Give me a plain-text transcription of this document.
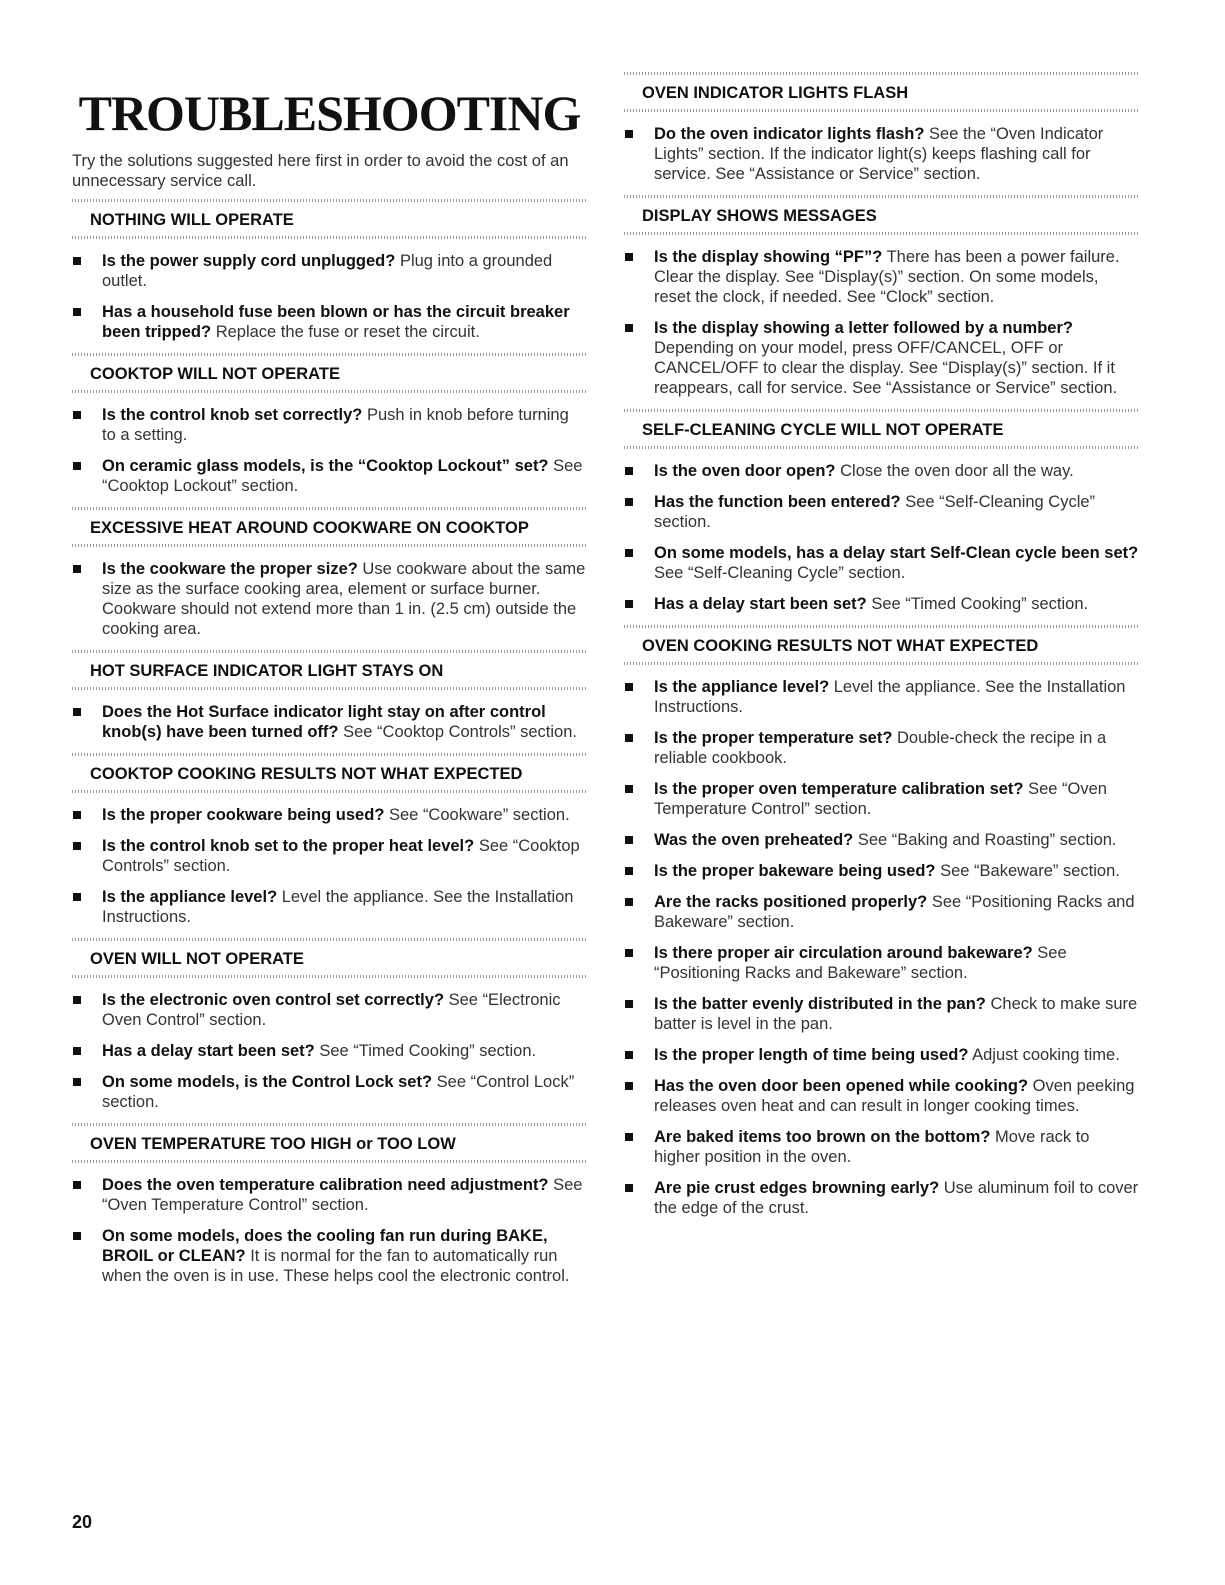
TROUBLESHOOTING

Try the solutions suggested here first in order to avoid the cost of an unnecessary service call.

NOTHING WILL OPERATE
Is the power supply cord unplugged? Plug into a grounded outlet.
Has a household fuse been blown or has the circuit breaker been tripped? Replace the fuse or reset the circuit.
COOKTOP WILL NOT OPERATE
Is the control knob set correctly? Push in knob before turning to a setting.
On ceramic glass models, is the “Cooktop Lockout” set? See “Cooktop Lockout” section.
EXCESSIVE HEAT AROUND COOKWARE ON COOKTOP
Is the cookware the proper size? Use cookware about the same size as the surface cooking area, element or surface burner. Cookware should not extend more than 1 in. (2.5 cm) outside the cooking area.
HOT SURFACE INDICATOR LIGHT STAYS ON
Does the Hot Surface indicator light stay on after control knob(s) have been turned off? See “Cooktop Controls” section.
COOKTOP COOKING RESULTS NOT WHAT EXPECTED
Is the proper cookware being used? See “Cookware” section.
Is the control knob set to the proper heat level? See “Cooktop Controls” section.
Is the appliance level? Level the appliance. See the Installation Instructions.
OVEN WILL NOT OPERATE
Is the electronic oven control set correctly? See “Electronic Oven Control” section.
Has a delay start been set? See “Timed Cooking” section.
On some models, is the Control Lock set? See “Control Lock” section.
OVEN TEMPERATURE TOO HIGH or TOO LOW
Does the oven temperature calibration need adjustment? See “Oven Temperature Control” section.
On some models, does the cooling fan run during BAKE, BROIL or CLEAN? It is normal for the fan to automatically run when the oven is in use. These helps cool the electronic control.
OVEN INDICATOR LIGHTS FLASH
Do the oven indicator lights flash? See the “Oven Indicator Lights” section. If the indicator light(s) keeps flashing call for service. See “Assistance or Service” section.
DISPLAY SHOWS MESSAGES
Is the display showing “PF”? There has been a power failure. Clear the display. See “Display(s)” section. On some models, reset the clock, if needed. See “Clock” section.
Is the display showing a letter followed by a number? Depending on your model, press OFF/CANCEL, OFF or CANCEL/OFF to clear the display. See “Display(s)” section. If it reappears, call for service. See “Assistance or Service” section.
SELF-CLEANING CYCLE WILL NOT OPERATE
Is the oven door open? Close the oven door all the way.
Has the function been entered? See “Self-Cleaning Cycle” section.
On some models, has a delay start Self-Clean cycle been set? See “Self-Cleaning Cycle” section.
Has a delay start been set? See “Timed Cooking” section.
OVEN COOKING RESULTS NOT WHAT EXPECTED
Is the appliance level? Level the appliance. See the Installation Instructions.
Is the proper temperature set? Double-check the recipe in a reliable cookbook.
Is the proper oven temperature calibration set? See “Oven Temperature Control” section.
Was the oven preheated? See “Baking and Roasting” section.
Is the proper bakeware being used? See “Bakeware” section.
Are the racks positioned properly? See “Positioning Racks and Bakeware” section.
Is there proper air circulation around bakeware? See “Positioning Racks and Bakeware” section.
Is the batter evenly distributed in the pan? Check to make sure batter is level in the pan.
Is the proper length of time being used? Adjust cooking time.
Has the oven door been opened while cooking? Oven peeking releases oven heat and can result in longer cooking times.
Are baked items too brown on the bottom? Move rack to higher position in the oven.
Are pie crust edges browning early? Use aluminum foil to cover the edge of the crust.
20
